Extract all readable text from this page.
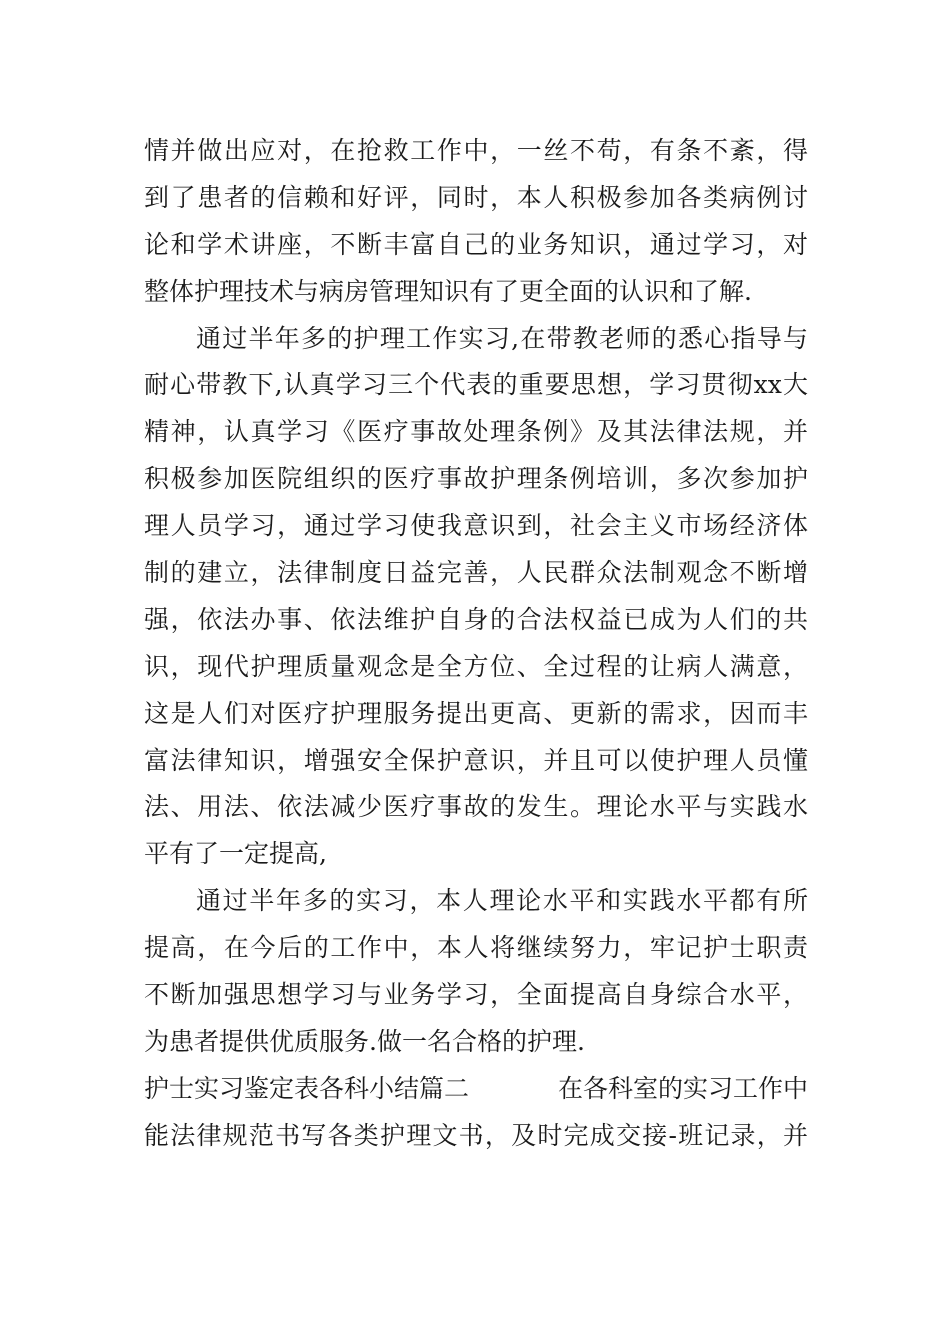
情并做出应对，在抢救工作中，一丝不苟，有条不紊，得
到了患者的信赖和好评，同时，本人积极参加各类病例讨
论和学术讲座，不断丰富自己的业务知识，通过学习，对
整体护理技术与病房管理知识有了更全面的认识和了解.
通过半年多的护理工作实习,在带教老师的悉心指导与
耐心带教下,认真学习三个代表的重要思想，学习贯彻xx大
精神，认真学习《医疗事故处理条例》及其法律法规，并
积极参加医院组织的医疗事故护理条例培训，多次参加护
理人员学习，通过学习使我意识到，社会主义市场经济体
制的建立，法律制度日益完善，人民群众法制观念不断增
强，依法办事、依法维护自身的合法权益已成为人们的共
识，现代护理质量观念是全方位、全过程的让病人满意，
这是人们对医疗护理服务提出更高、更新的需求，因而丰
富法律知识，增强安全保护意识，并且可以使护理人员懂
法、用法、依法减少医疗事故的发生。理论水平与实践水
平有了一定提高,
通过半年多的实习，本人理论水平和实践水平都有所
提高，在今后的工作中，本人将继续努力，牢记护士职责
不断加强思想学习与业务学习，全面提高自身综合水平，
为患者提供优质服务.做一名合格的护理.
护士实习鉴定表各科小结篇二	在各科室的实习工作中
能法律规范书写各类护理文书，及时完成交接-班记录，并
